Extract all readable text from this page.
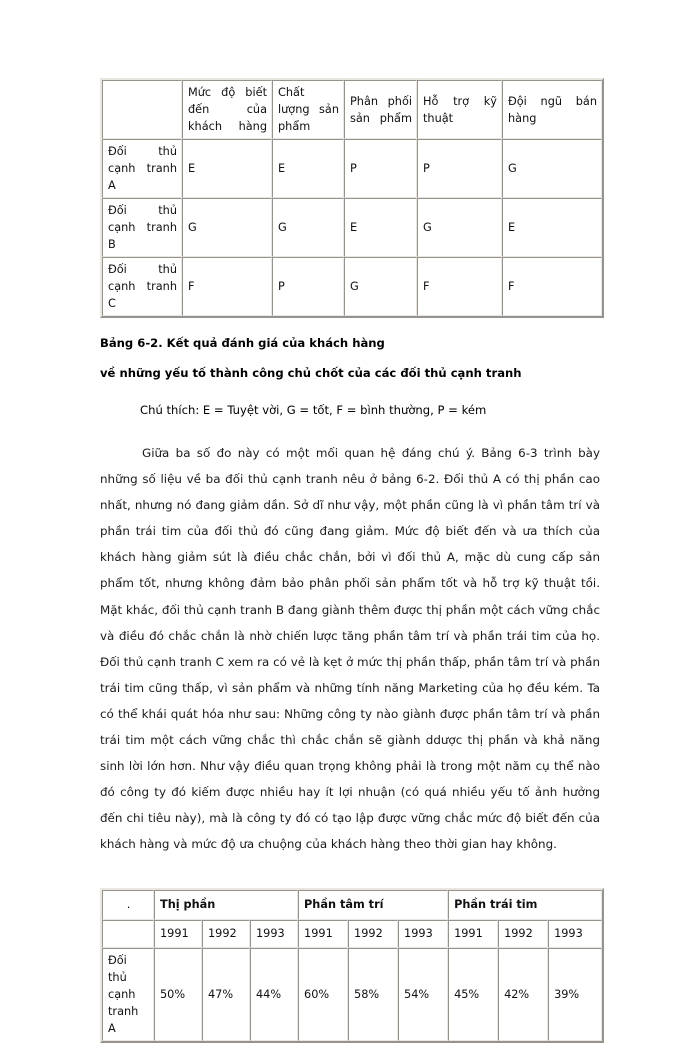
	Mức độ biết đến của khách hàng	Chất lượng sản phẩm	Phân phối sản phẩm	Hỗ trợ kỹ thuật	Đội ngũ bán hàng
Đối thủ cạnh tranh A	E	E	P	P	G
Đối thủ cạnh tranh B	G	G	E	G	E
Đối thủ cạnh tranh C	F	P	G	F	F

Bảng 6-2. Kết quả đánh giá của khách hàng

về những yếu tố thành công chủ chốt của các đối thủ cạnh tranh

Chú thích: E = Tuyệt vời, G = tốt, F = bình thường, P = kém

Giữa ba số đo này có một mối quan hệ đáng chú ý. Bảng 6-3 trình bày những số liệu về ba đối thủ cạnh tranh nêu ở bảng 6-2. Đối thủ A có thị phần cao nhất, nhưng nó đang giảm dần. Sở dĩ như vậy, một phần cũng là vì phần tâm trí và phần trái tim của đối thủ đó cũng đang giảm. Mức độ biết đến và ưa thích của khách hàng giảm sút là điều chắc chắn, bởi vì đối thủ A, mặc dù cung cấp sản phẩm tốt, nhưng không đảm bảo phân phối sản phẩm tốt và hỗ trợ kỹ thuật tồi. Mặt khác, đối thủ cạnh tranh B đang giành thêm được thị phần một cách vững chắc và điều đó chắc chắn là nhờ chiến lược tăng phần tâm trí và phần trái tim của họ. Đối thủ cạnh tranh C xem ra có vẻ là kẹt ở mức thị phần thấp, phần tâm trí và phần trái tim cũng thấp, vì sản phẩm và những tính năng Marketing của họ đều kém. Ta có thể khái quát hóa như sau: Những công ty nào giành được phần tâm trí và phần trái tim một cách vững chắc thì chắc chắn sẽ giành ddược thị phần và khả năng sinh lời lớn hơn. Như vậy điều quan trọng không phải là trong một năm cụ thể nào đó công ty đó kiếm được nhiều hay ít lợi nhuận (có quá nhiều yếu tố ảnh hưởng đến chi tiêu này), mà là công ty đó có tạo lập được vững chắc mức độ biết đến của khách hàng và mức độ ưa chuộng của khách hàng theo thời gian hay không.

.	Thị phần			Phần tâm trí			Phần trái tim		
	1991	1992	1993	1991	1992	1993	1991	1992	1993
Đối thủ cạnh tranh A	50%	47%	44%	60%	58%	54%	45%	42%	39%
